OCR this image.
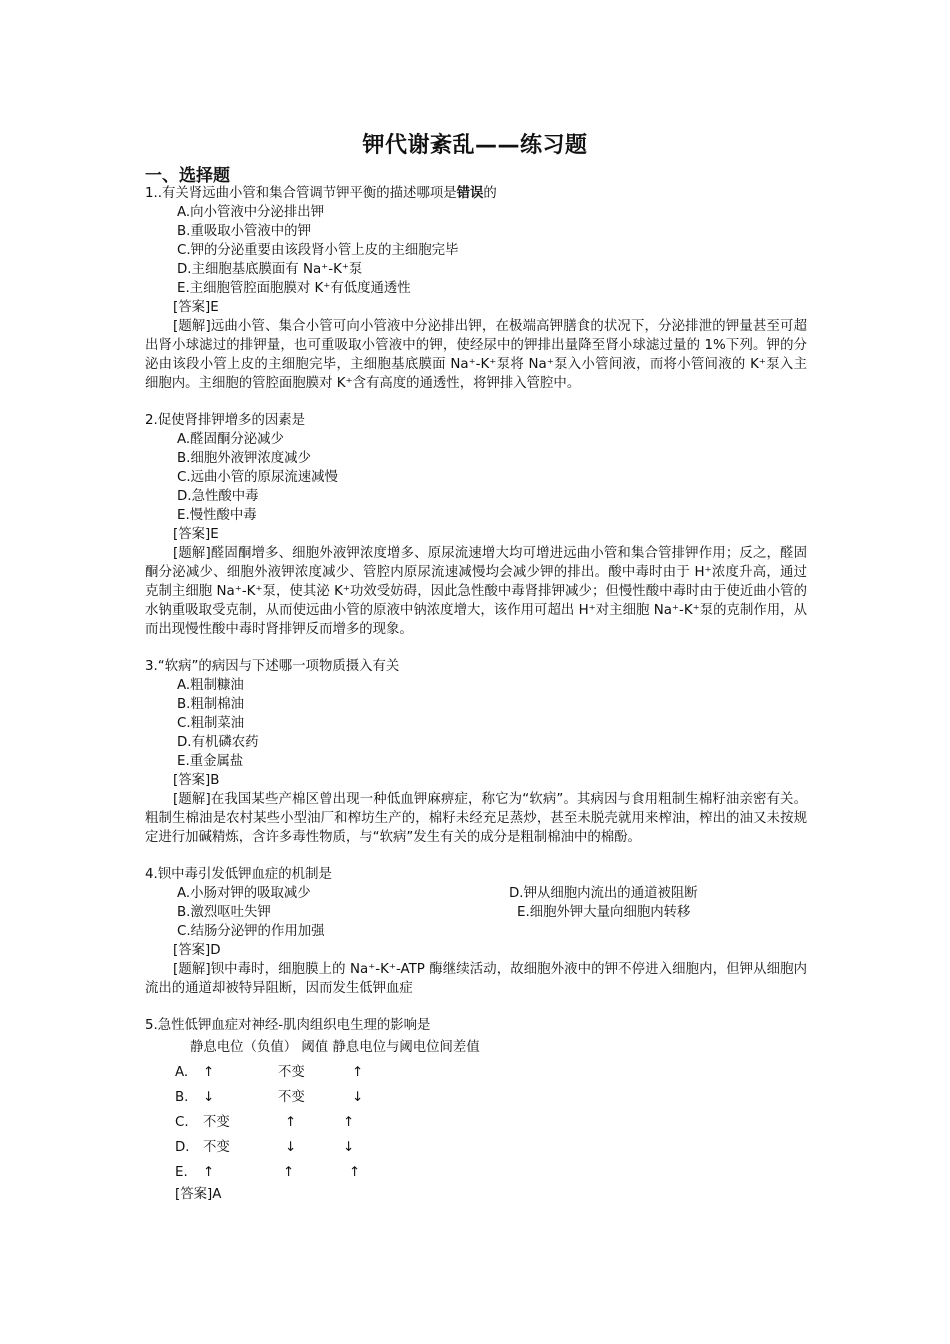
钾代谢紊乱——练习题
一、选择题
1..有关肾远曲小管和集合管调节钾平衡的描述哪项是错误的
A.向小管液中分泌排出钾
B.重吸取小管液中的钾
C.钾的分泌重要由该段肾小管上皮的主细胞完毕
D.主细胞基底膜面有 Na⁺-K⁺泵
E.主细胞管腔面胞膜对 K⁺有低度通透性
[答案]E
[题解]远曲小管、集合小管可向小管液中分泌排出钾，在极端高钾膳食的状况下，分泌排泄的钾量甚至可超出肾小球滤过的排钾量，也可重吸取小管液中的钾，使经尿中的钾排出量降至肾小球滤过量的 1%下列。钾的分泌由该段小管上皮的主细胞完毕，主细胞基底膜面 Na⁺-K⁺泵将 Na⁺泵入小管间液，而将小管间液的 K⁺泵入主细胞内。主细胞的管腔面胞膜对 K⁺含有高度的通透性，将钾排入管腔中。
2.促使肾排钾增多的因素是
A.醛固酮分泌减少
B.细胞外液钾浓度减少
C.远曲小管的原尿流速减慢
D.急性酸中毒
E.慢性酸中毒
[答案]E
[题解]醛固酮增多、细胞外液钾浓度增多、原尿流速增大均可增进远曲小管和集合管排钾作用；反之，醛固酮分泌减少、细胞外液钾浓度减少、管腔内原尿流速减慢均会减少钾的排出。酸中毒时由于 H⁺浓度升高，通过克制主细胞 Na⁺-K⁺泵，使其泌 K⁺功效受妨碍，因此急性酸中毒肾排钾减少；但慢性酸中毒时由于使近曲小管的水钠重吸取受克制，从而使远曲小管的原液中钠浓度增大，该作用可超出 H⁺对主细胞 Na⁺-K⁺泵的克制作用，从而出现慢性酸中毒时肾排钾反而增多的现象。
3.“软病”的病因与下述哪一项物质摄入有关
A.粗制糠油
B.粗制棉油
C.粗制菜油
D.有机磷农药
E.重金属盐
[答案]B
[题解]在我国某些产棉区曾出现一种低血钾麻痹症，称它为“软病”。其病因与食用粗制生棉籽油亲密有关。粗制生棉油是农村某些小型油厂和榨坊生产的，棉籽未经充足蒸炒，甚至未脱壳就用来榨油，榨出的油又未按规定进行加碱精炼，含许多毒性物质，与“软病”发生有关的成分是粗制棉油中的棉酚。
4.钡中毒引发低钾血症的机制是
A.小肠对钾的吸取减少	D.钾从细胞内流出的通道被阻断
B.激烈呕吐失钾	E.细胞外钾大量向细胞内转移
C.结肠分泌钾的作用加强
[答案]D
[题解]钡中毒时，细胞膜上的 Na⁺-K⁺-ATP 酶继续活动，故细胞外液中的钾不停进入细胞内，但钾从细胞内流出的通道却被特异阻断，因而发生低钾血症
5.急性低钾血症对神经-肌肉组织电生理的影响是
静息电位（负值） 阈值 静息电位与阈电位间差值
A. ↑	不变	↑
B. ↓	不变	↓
C. 不变	↑	↑
D. 不变	↓	↓
E. ↑	↑	↑
[答案]A
